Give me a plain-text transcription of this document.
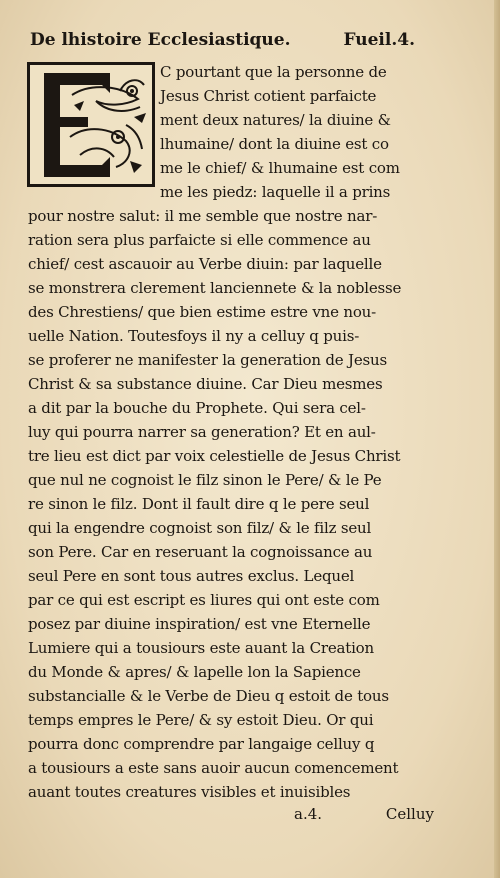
De lhistoire Ecclesiastique.	Fueil.4.
C pourtant que la personne de
Jesus Christ cotient parfaicte
ment deux natures/ la diuine &
lhumaine/ dont la diuine est co
me le chief/ & lhumaine est com
me les piedz: laquelle il a prins
pour nostre salut: il me semble que nostre nar-
ration sera plus parfaicte si elle commence au
chief/ cest ascauoir au Verbe diuin: par laquelle
se monstrera clerement lanciennete & la noblesse
des Chrestiens/ que bien estime estre vne nou-
uelle Nation. Toutesfoys il ny a celluy q puis-
se proferer ne manifester la generation de Jesus
Christ & sa substance diuine. Car Dieu mesmes
a dit par la bouche du Prophete. Qui sera cel-
luy qui pourra narrer sa generation? Et en aul-
tre lieu est dict par voix celestielle de Jesus Christ
que nul ne cognoist le filz sinon le Pere/ & le Pe
re sinon le filz. Dont il fault dire q le pere seul
qui la engendre cognoist son filz/ & le filz seul
son Pere. Car en reseruant la cognoissance au
seul Pere en sont tous autres exclus. Lequel
par ce qui est escript es liures qui ont este com
posez par diuine inspiration/ est vne Eternelle
Lumiere qui a tousiours este auant la Creation
du Monde & apres/ & lapelle lon la Sapience
substancialle & le Verbe de Dieu q estoit de tous
temps empres le Pere/ & sy estoit Dieu. Or qui
pourra donc comprendre par langaige celluy q
a tousiours a este sans auoir aucun comencement
auant toutes creatures visibles et inuisibles
a.4.	Celluy
